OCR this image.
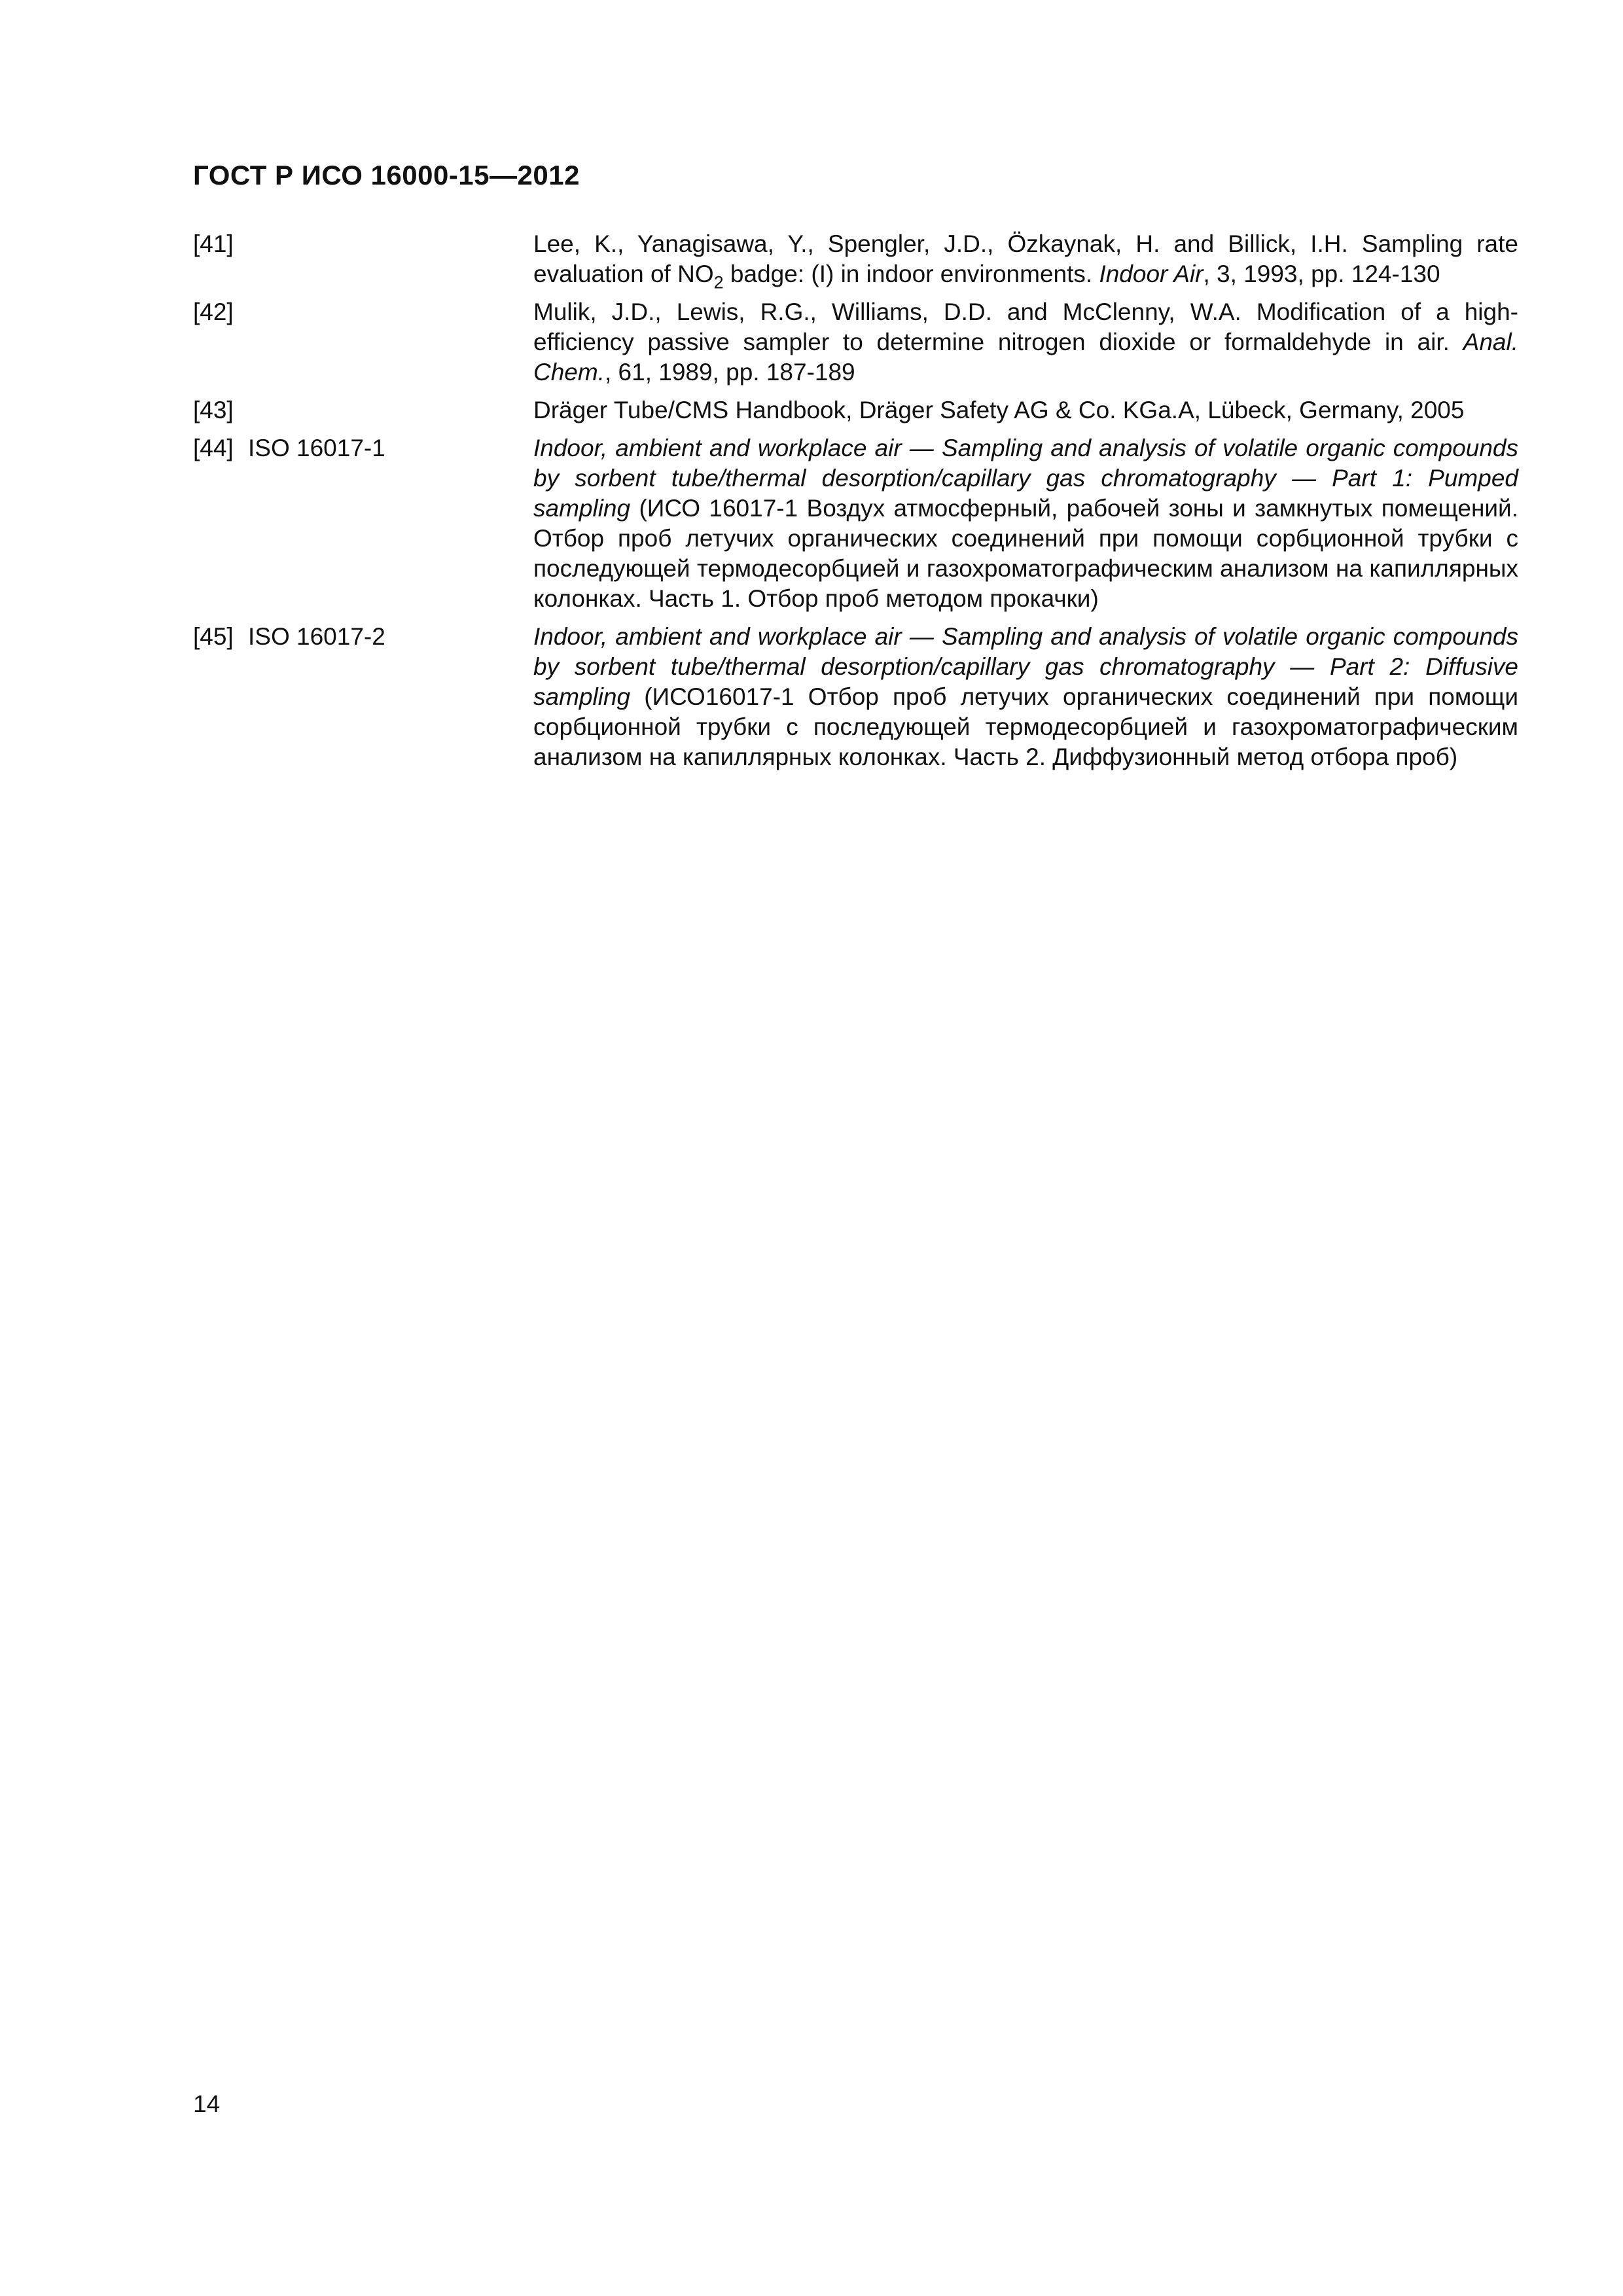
ГОСТ Р ИСО 16000-15—2012
[41]	Lee, K., Yanagisawa, Y., Spengler, J.D., Özkaynak, H. and Billick, I.H. Sampling rate evaluation of $NO_2$ badge: (I) in indoor environments. Indoor Air, 3, 1993, pp. 124-130
[42]	Mulik, J.D., Lewis, R.G., Williams, D.D. and McClenny, W.A. Modification of a high-efficiency passive sampler to determine nitrogen dioxide or formaldehyde in air. Anal. Chem., 61, 1989, pp. 187-189
[43]	Dräger Tube/CMS Handbook, Dräger Safety AG & Co. KGa.A, Lübeck, Germany, 2005
[44] ISO 16017-1	Indoor, ambient and workplace air — Sampling and analysis of volatile organic compounds by sorbent tube/thermal desorption/capillary gas chromatography — Part 1: Pumped sampling (ИСО 16017-1 Воздух атмосферный, рабочей зоны и замкнутых помещений. Отбор проб летучих органических соединений при помощи сорбционной трубки с последующей термодесорбцией и газохроматографическим анализом на капиллярных колонках. Часть 1. Отбор проб методом прокачки)
[45] ISO 16017-2	Indoor, ambient and workplace air — Sampling and analysis of volatile organic compounds by sorbent tube/thermal desorption/capillary gas chromatography — Part 2: Diffusive sampling (ИСО16017-1 Отбор проб летучих органических соединений при помощи сорбционной трубки с последующей термодесорбцией и газохроматографическим анализом на капиллярных колонках. Часть 2. Диффузионный метод отбора проб)
14
